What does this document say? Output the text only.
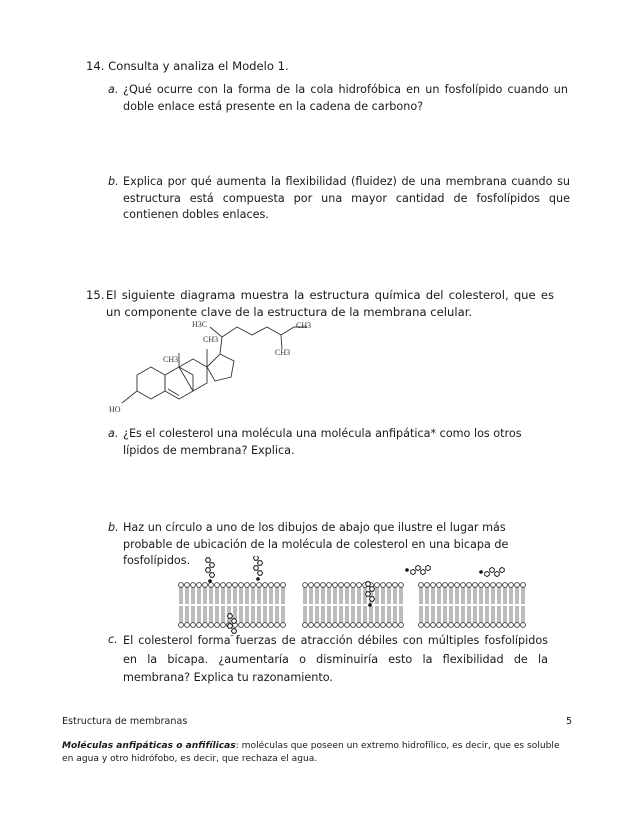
14. Consulta y analiza el Modelo 1.
a. ¿Qué ocurre con la forma de la cola hidrofóbica en un fosfolípido cuando un doble enlace está presente en la cadena de carbono?
b. Explica por qué aumenta la flexibilidad (fluidez) de una membrana cuando su estructura está compuesta por una mayor cantidad de fosfolípidos que contienen dobles enlaces.
15. El siguiente diagrama muestra la estructura química del colesterol, que es un componente clave de la estructura de la membrana celular.
H3C	CH3
CH3
CH3
CH3
HO
a. ¿Es el colesterol una molécula una molécula anfipática* como los otros lípidos de membrana? Explica.
b. Haz un círculo a uno de los dibujos de abajo que ilustre el lugar más probable de ubicación de la molécula de colesterol en una bicapa de fosfolípidos.
c. El colesterol forma fuerzas de atracción débiles con múltiples fosfolípidos en la bicapa. ¿aumentaría o disminuiría esto la flexibilidad de la membrana? Explica tu razonamiento.
Estructura de membranas	5
Moléculas anfipáticas o anfifílicas: moléculas que poseen un extremo hidrofílico, es decir, que es soluble en agua y otro hidrófobo, es decir, que rechaza el agua.
